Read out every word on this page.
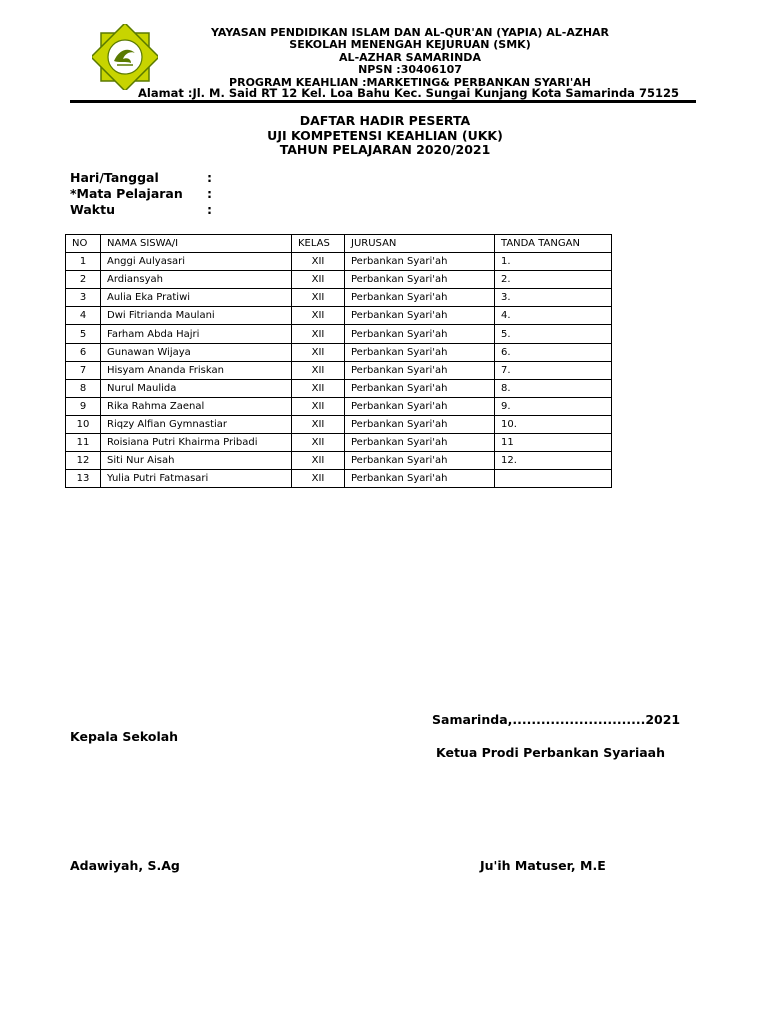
YAYASAN PENDIDIKAN ISLAM DAN AL-QUR'AN (YAPIA) AL-AZHAR
SEKOLAH MENENGAH KEJURUAN (SMK)
AL-AZHAR SAMARINDA
NPSN :30406107
PROGRAM KEAHLIAN :MARKETING& PERBANKAN SYARI'AH
Alamat :Jl. M. Said RT 12 Kel. Loa Bahu Kec. Sungai Kunjang Kota Samarinda 75125
DAFTAR HADIR PESERTA
UJI KOMPETENSI KEAHLIAN (UKK)
TAHUN PELAJARAN 2020/2021
Hari/Tanggal	:
*Mata Pelajaran :
Waktu	:
NO	NAMA SISWA/I	KELAS	JURUSAN	TANDA TANGAN
1	Anggi Aulyasari	XII	Perbankan Syari'ah	1.
2	Ardiansyah	XII	Perbankan Syari'ah	2.
3	Aulia Eka Pratiwi	XII	Perbankan Syari'ah	3.
4	Dwi Fitrianda Maulani	XII	Perbankan Syari'ah	4.
5	Farham Abda Hajri	XII	Perbankan Syari'ah	5.
6	Gunawan Wijaya	XII	Perbankan Syari'ah	6.
7	Hisyam Ananda Friskan	XII	Perbankan Syari'ah	7.
8	Nurul Maulida	XII	Perbankan Syari'ah	8.
9	Rika Rahma Zaenal	XII	Perbankan Syari'ah	9.
10	Riqzy Alfian Gymnastiar	XII	Perbankan Syari'ah	10.
11	Roisiana Putri Khairma Pribadi	XII	Perbankan Syari'ah	11
12	Siti Nur Aisah	XII	Perbankan Syari'ah	12.
13	Yulia Putri Fatmasari	XII	Perbankan Syari'ah	
Samarinda,............................2021
Kepala Sekolah
Ketua Prodi Perbankan Syariaah
Adawiyah, S.Ag	Ju'ih Matuser, M.E
